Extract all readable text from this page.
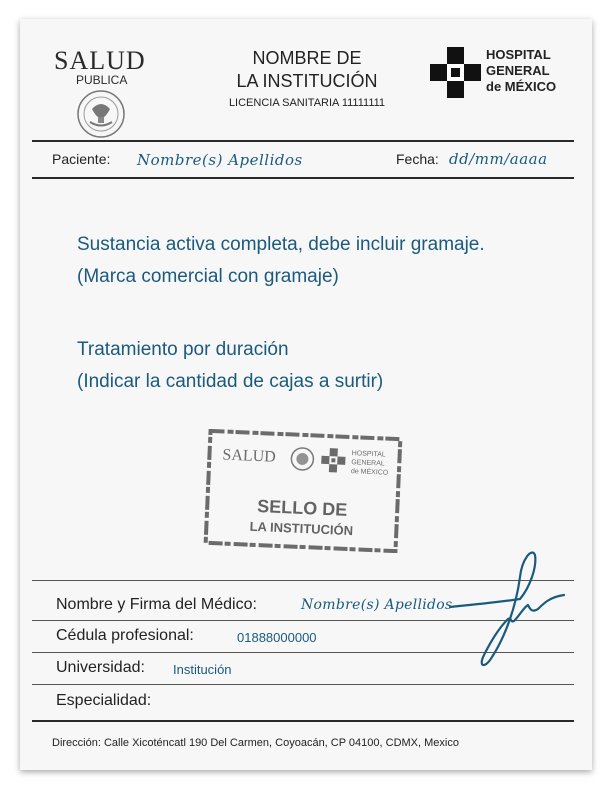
SALUD
PUBLICA
NOMBRE DE
LA INSTITUCIÓN
LICENCIA SANITARIA 11111111
HOSPITAL
GENERAL
de MÉXICO
Paciente: Nombre(s) Apellidos	Fecha: dd/mm/aaaa
Sustancia activa completa, debe incluir gramaje.
(Marca comercial con gramaje)
Tratamiento por duración
(Indicar la cantidad de cajas a surtir)
SALUD	HOSPITAL
GENERAL
de MÉXICO
SELLO DE
LA INSTITUCIÓN
Nombre y Firma del Médico:	Nombre(s) Apellidos
Cédula profesional:	01888000000
Universidad: Institución
Especialidad:
Dirección: Calle Xicoténcatl 190 Del Carmen, Coyoacán, CP 04100, CDMX, Mexico
